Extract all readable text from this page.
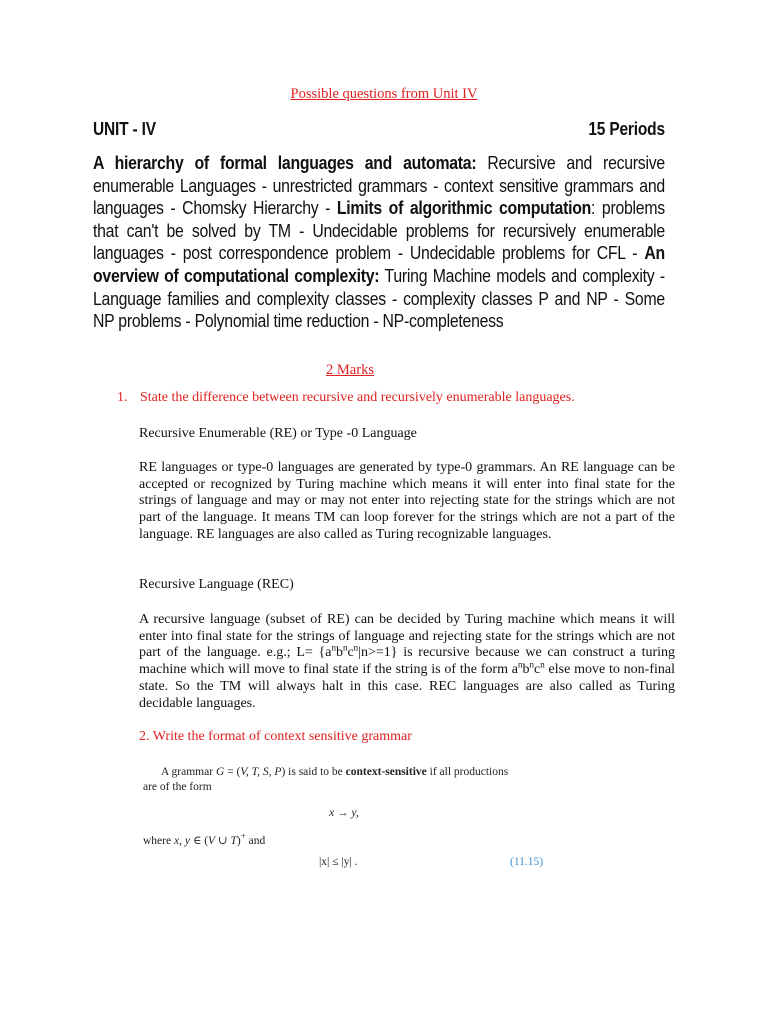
Possible questions from Unit IV
UNIT - IV	15 Periods
A hierarchy of formal languages and automata: Recursive and recursive enumerable Languages - unrestricted grammars - context sensitive grammars and languages - Chomsky Hierarchy - Limits of algorithmic computation: problems that can't be solved by TM - Undecidable problems for recursively enumerable languages - post correspondence problem - Undecidable problems for CFL - An overview of computational complexity: Turing Machine models and complexity - Language families and complexity classes - complexity classes P and NP - Some NP problems - Polynomial time reduction - NP-completeness
2 Marks
1. State the difference between recursive and recursively enumerable languages.
Recursive Enumerable (RE) or Type -0 Language
RE languages or type-0 languages are generated by type-0 grammars. An RE language can be accepted or recognized by Turing machine which means it will enter into final state for the strings of language and may or may not enter into rejecting state for the strings which are not part of the language. It means TM can loop forever for the strings which are not a part of the language. RE languages are also called as Turing recognizable languages.
Recursive Language (REC)
A recursive language (subset of RE) can be decided by Turing machine which means it will enter into final state for the strings of language and rejecting state for the strings which are not part of the language. e.g.; $L= \{a^nb^nc^n|n>=1\}$ is recursive because we can construct a turing machine which will move to final state if the string is of the form $a^nb^nc^n$ else move to non-final state. So the TM will always halt in this case. REC languages are also called as Turing decidable languages.
2. Write the format of context sensitive grammar
A grammar G = (V, T, S, P) is said to be context-sensitive if all productions
are of the form
x → y,
where x, y ∈ (V ∪ T)+ and
|x| ≤ |y| .	(11.15)
